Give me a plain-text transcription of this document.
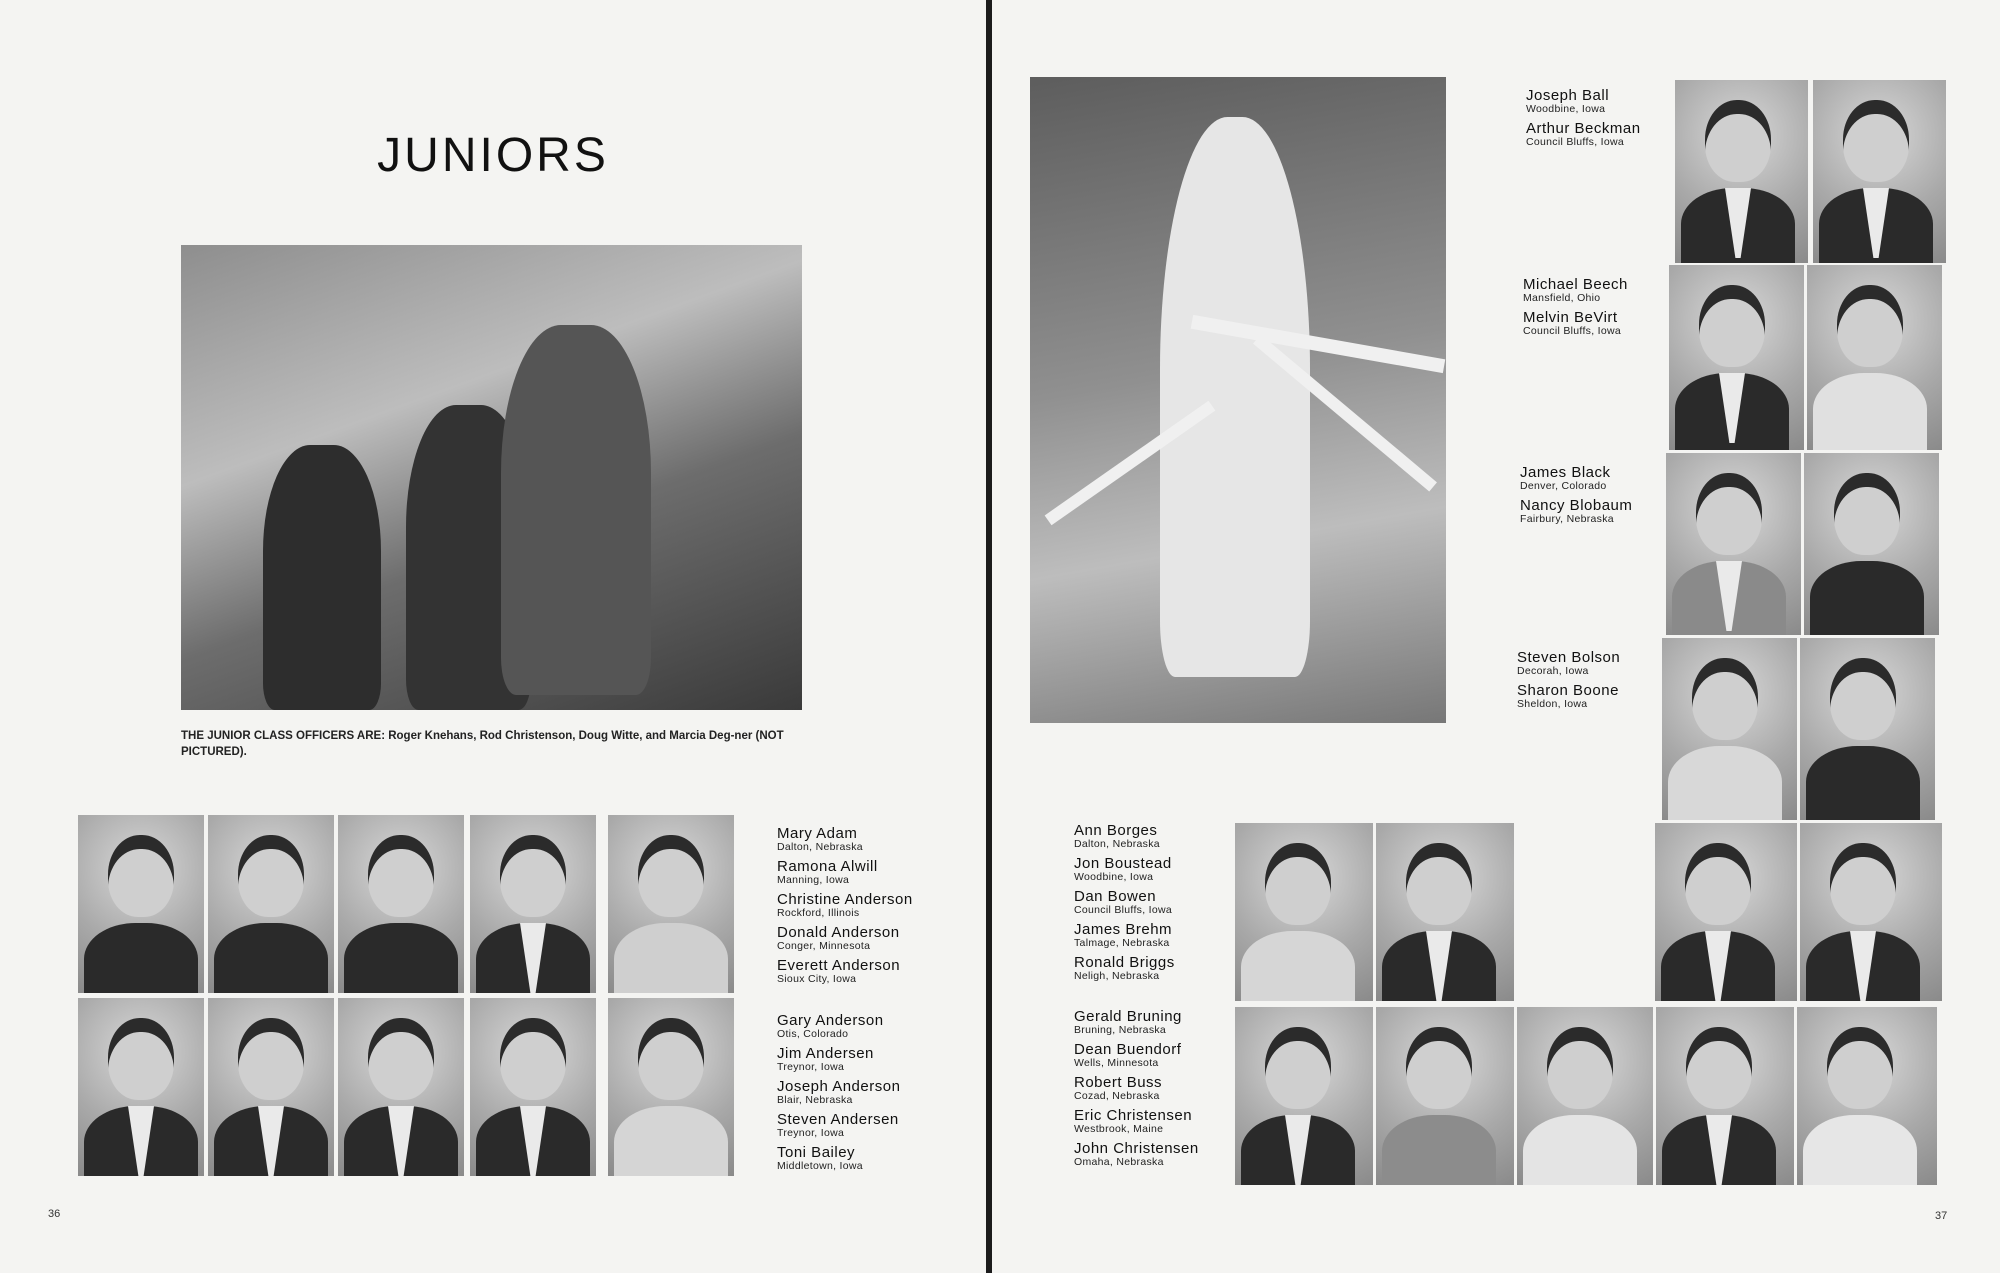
JUNIORS
THE JUNIOR CLASS OFFICERS ARE: Roger Knehans, Rod Christenson, Doug Witte, and Marcia Deg-ner (NOT PICTURED).
Mary Adam
Dalton, Nebraska
Ramona Alwill
Manning, Iowa
Christine Anderson
Rockford, Illinois
Donald Anderson
Conger, Minnesota
Everett Anderson
Sioux City, Iowa
Gary Anderson
Otis, Colorado
Jim Andersen
Treynor, Iowa
Joseph Anderson
Blair, Nebraska
Steven Andersen
Treynor, Iowa
Toni Bailey
Middletown, Iowa
36
Joseph Ball
Woodbine, Iowa
Arthur Beckman
Council Bluffs, Iowa
Michael Beech
Mansfield, Ohio
Melvin BeVirt
Council Bluffs, Iowa
James Black
Denver, Colorado
Nancy Blobaum
Fairbury, Nebraska
Steven Bolson
Decorah, Iowa
Sharon Boone
Sheldon, Iowa
Ann Borges
Dalton, Nebraska
Jon Boustead
Woodbine, Iowa
Dan Bowen
Council Bluffs, Iowa
James Brehm
Talmage, Nebraska
Ronald Briggs
Neligh, Nebraska
Gerald Bruning
Bruning, Nebraska
Dean Buendorf
Wells, Minnesota
Robert Buss
Cozad, Nebraska
Eric Christensen
Westbrook, Maine
John Christensen
Omaha, Nebraska
37
